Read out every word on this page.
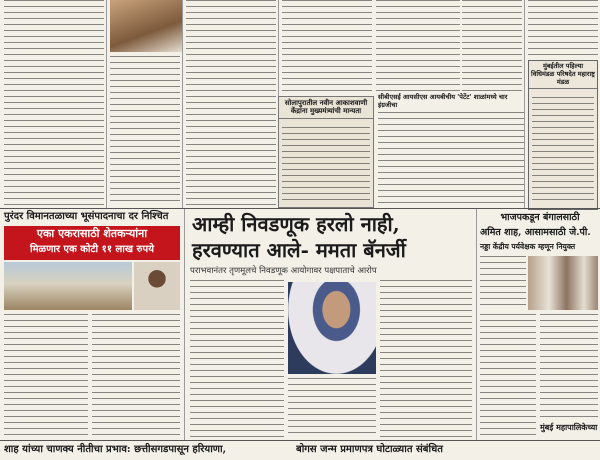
सोलापुरातील नवीन आकाशवाणी केंद्रांना मुख्यमंत्र्यांची मान्यता
सीबीएसई आयसीएस आयबीचीय 'पेटेंट' शाळांमध्ये चार इंग्रजीचा
मुंबईतील पहिल्या विधिमंडळ परिषदेत महाराष्ट्र मंडळ
पुरंदर विमानतळाच्या भूसंपादनाचा दर निश्चित
एका एकरासाठी शेतकऱ्यांना
मिळणार एक कोटी ११ लाख रुपये
आम्ही निवडणूक हरलो नाही,
हरवण्यात आले- ममता बॅनर्जी
पराभवानंतर तृणमूलचे निवडणूक आयोगावर पक्षपाताचे आरोप
भाजपकडून बंगालसाठी
अमित शाह, आसामसाठी जे.पी.
नड्डा केंद्रीय पर्यवेक्षक म्हणून नियुक्त
शाह यांच्या चाणक्य नीतीचा प्रभाव: छत्तीसगडपासून हरियाणा,	बोगस जन्म प्रमाणपत्र घोटाळ्यात संबंधित
मुंबई महापालिकेच्या
